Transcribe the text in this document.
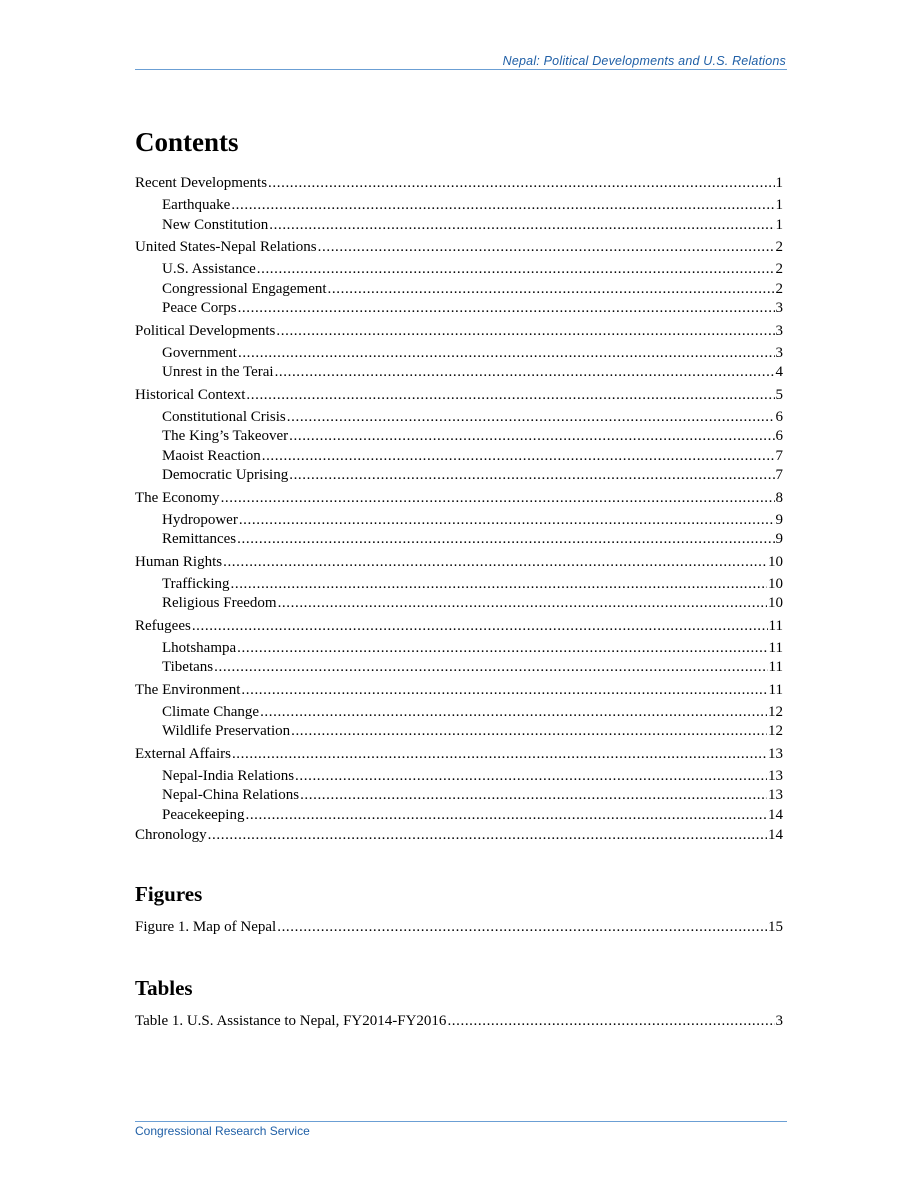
Nepal: Political Developments and U.S. Relations
Contents
Recent Developments .....	1
Earthquake .....	1
New Constitution .....	1
United States-Nepal Relations .....	2
U.S. Assistance .....	2
Congressional Engagement .....	2
Peace Corps .....	3
Political Developments .....	3
Government .....	3
Unrest in the Terai .....	4
Historical Context .....	5
Constitutional Crisis .....	6
The King’s Takeover .....	6
Maoist Reaction .....	7
Democratic Uprising .....	7
The Economy .....	8
Hydropower .....	9
Remittances .....	9
Human Rights .....	10
Trafficking .....	10
Religious Freedom .....	10
Refugees .....	11
Lhotshampa .....	11
Tibetans .....	11
The Environment .....	11
Climate Change .....	12
Wildlife Preservation .....	12
External Affairs .....	13
Nepal-India Relations .....	13
Nepal-China Relations .....	13
Peacekeeping .....	14
Chronology .....	14
Figures
Figure 1. Map of Nepal .....	15
Tables
Table 1. U.S. Assistance to Nepal, FY2014-FY2016 .....	3
Congressional Research Service
